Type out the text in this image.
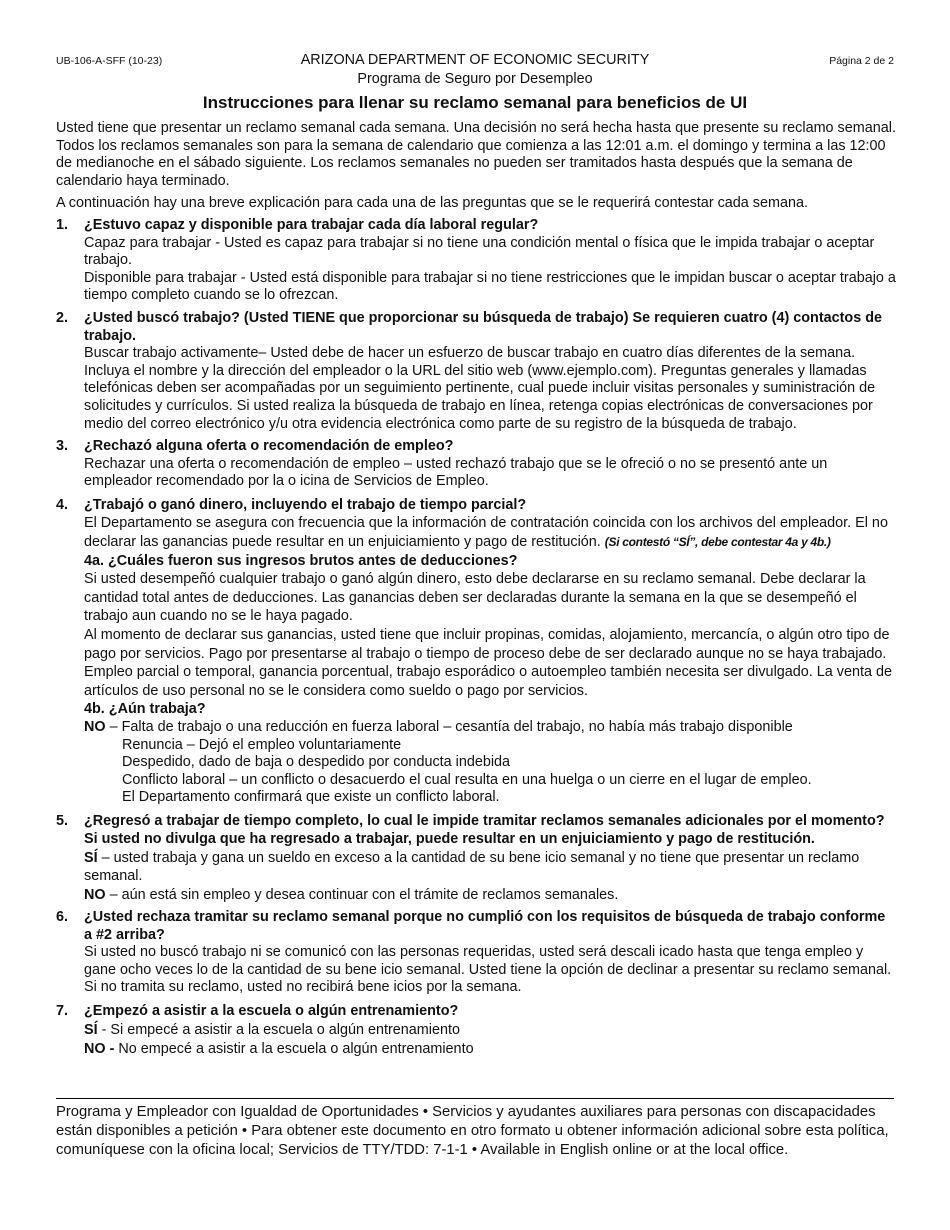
UB-106-A-SFF (10-23)	ARIZONA DEPARTMENT OF ECONOMIC SECURITY
Programa de Seguro por Desempleo
Página 2 de 2
Instrucciones para llenar su reclamo semanal para beneficios de UI

Usted tiene que presentar un reclamo semanal cada semana. Una decisión no será hecha hasta que presente su reclamo semanal. Todos los reclamos semanales son para la semana de calendario que comienza a las 12:01 a.m. el domingo y termina a las 12:00 de medianoche en el sábado siguiente. Los reclamos semanales no pueden ser tramitados hasta después que la semana de calendario haya terminado.

A continuación hay una breve explicación para cada una de las preguntas que se le requerirá contestar cada semana.

1. ¿Estuvo capaz y disponible para trabajar cada día laboral regular?

Capaz para trabajar - Usted es capaz para trabajar si no tiene una condición mental o física que le impida trabajar o aceptar trabajo.

Disponible para trabajar - Usted está disponible para trabajar si no tiene restricciones que le impidan buscar o aceptar trabajo a tiempo completo cuando se lo ofrezcan.

2. ¿Usted buscó trabajo? (Usted TIENE que proporcionar su búsqueda de trabajo) Se requieren cuatro (4) contactos de trabajo.

Buscar trabajo activamente– Usted debe de hacer un esfuerzo de buscar trabajo en cuatro días diferentes de la semana. Incluya el nombre y la dirección del empleador o la URL del sitio web (www.ejemplo.com). Preguntas generales y llamadas telefónicas deben ser acompañadas por un seguimiento pertinente, cual puede incluir visitas personales y suministración de solicitudes y currículos. Si usted realiza la búsqueda de trabajo en línea, retenga copias electrónicas de conversaciones por medio del correo electrónico y/u otra evidencia electrónica como parte de su registro de la búsqueda de trabajo.

3. ¿Rechazó alguna oferta o recomendación de empleo?

Rechazar una oferta o recomendación de empleo – usted rechazó trabajo que se le ofreció o no se presentó ante un empleador recomendado por la o icina de Servicios de Empleo.

4. ¿Trabajó o ganó dinero, incluyendo el trabajo de tiempo parcial?

El Departamento se asegura con frecuencia que la información de contratación coincida con los archivos del empleador. El no declarar las ganancias puede resultar en un enjuiciamiento y pago de restitución. (Si contestó “SÍ”, debe contestar 4a y 4b.)

4a. ¿Cuáles fueron sus ingresos brutos antes de deducciones?

Si usted desempeñó cualquier trabajo o ganó algún dinero, esto debe declararse en su reclamo semanal. Debe declarar la cantidad total antes de deducciones. Las ganancias deben ser declaradas durante la semana en la que se desempeñó el trabajo aun cuando no se le haya pagado.

Al momento de declarar sus ganancias, usted tiene que incluir propinas, comidas, alojamiento, mercancía, o algún otro tipo de pago por servicios. Pago por presentarse al trabajo o tiempo de proceso debe de ser declarado aunque no se haya trabajado. Empleo parcial o temporal, ganancia porcentual, trabajo esporádico o autoempleo también necesita ser divulgado. La venta de artículos de uso personal no se le considera como sueldo o pago por servicios.

4b. ¿Aún trabaja?

NO – Falta de trabajo o una reducción en fuerza laboral – cesantía del trabajo, no había más trabajo disponible

Renuncia – Dejó el empleo voluntariamente

Despedido, dado de baja o despedido por conducta indebida

Conflicto laboral – un conflicto o desacuerdo el cual resulta en una huelga o un cierre en el lugar de empleo.

El Departamento confirmará que existe un conflicto laboral.

5. ¿Regresó a trabajar de tiempo completo, lo cual le impide tramitar reclamos semanales adicionales por el momento? Si usted no divulga que ha regresado a trabajar, puede resultar en un enjuiciamiento y pago de restitución.

SÍ – usted trabaja y gana un sueldo en exceso a la cantidad de su bene icio semanal y no tiene que presentar un reclamo semanal.

NO – aún está sin empleo y desea continuar con el trámite de reclamos semanales.

6. ¿Usted rechaza tramitar su reclamo semanal porque no cumplió con los requisitos de búsqueda de trabajo conforme a #2 arriba?

Si usted no buscó trabajo ni se comunicó con las personas requeridas, usted será descali icado hasta que tenga empleo y gane ocho veces lo de la cantidad de su bene icio semanal. Usted tiene la opción de declinar a presentar su reclamo semanal. Si no tramita su reclamo, usted no recibirá bene icios por la semana.

7. ¿Empezó a asistir a la escuela o algún entrenamiento?

SÍ - Si empecé a asistir a la escuela o algún entrenamiento

NO - No empecé a asistir a la escuela o algún entrenamiento

Programa y Empleador con Igualdad de Oportunidades • Servicios y ayudantes auxiliares para personas con discapacidades están disponibles a petición • Para obtener este documento en otro formato u obtener información adicional sobre esta política, comuníquese con la oficina local; Servicios de TTY/TDD: 7-1-1 • Available in English online or at the local office.
